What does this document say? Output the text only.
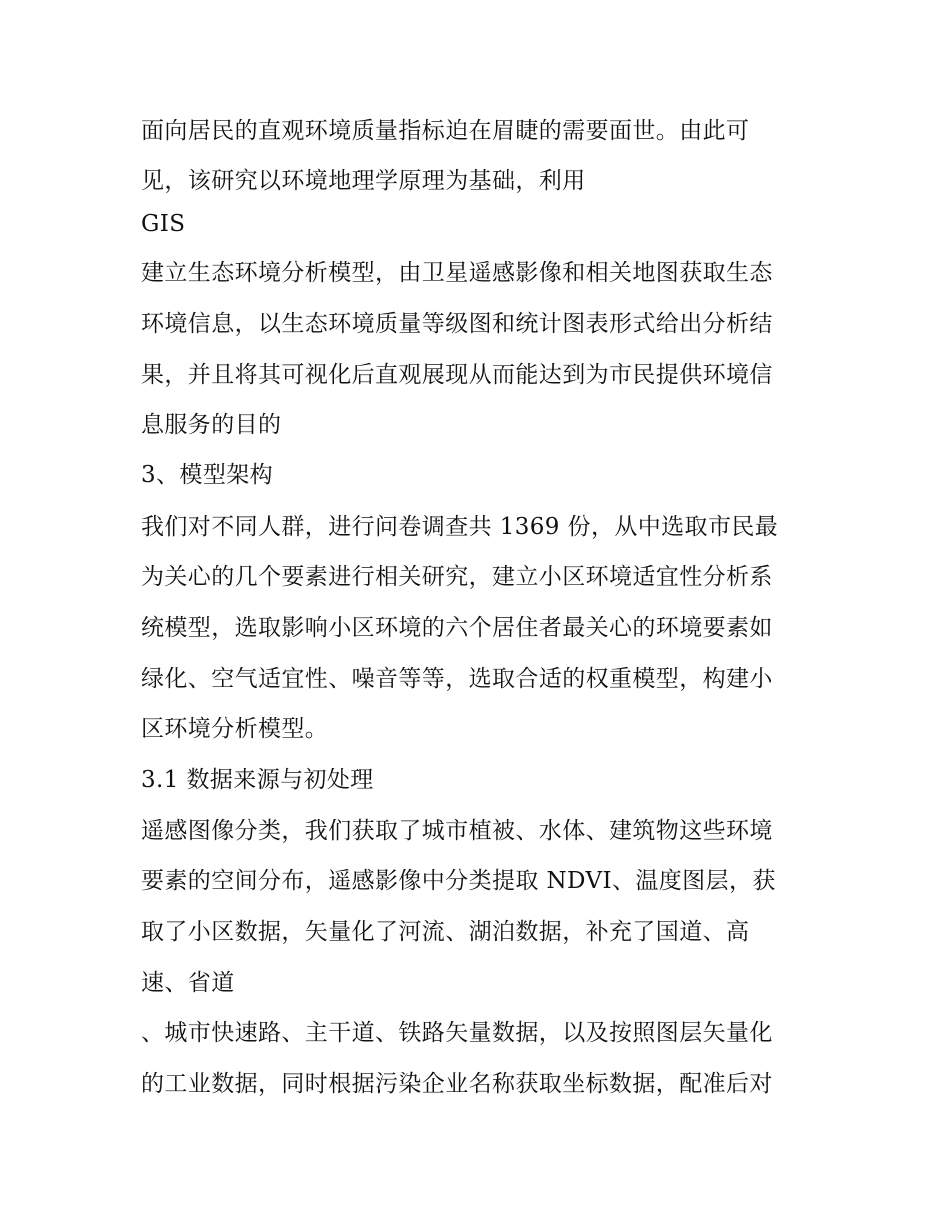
面向居民的直观环境质量指标迫在眉睫的需要面世。由此可
见，该研究以环境地理学原理为基础，利用
GIS
建立生态环境分析模型，由卫星遥感影像和相关地图获取生态
环境信息，以生态环境质量等级图和统计图表形式给出分析结
果，并且将其可视化后直观展现从而能达到为市民提供环境信
息服务的目的
3、模型架构
我们对不同人群，进行问卷调查共 1369 份，从中选取市民最
为关心的几个要素进行相关研究，建立小区环境适宜性分析系
统模型，选取影响小区环境的六个居住者最关心的环境要素如
绿化、空气适宜性、噪音等等，选取合适的权重模型，构建小
区环境分析模型。
3.1 数据来源与初处理
遥感图像分类，我们获取了城市植被、水体、建筑物这些环境
要素的空间分布，遥感影像中分类提取 NDVI、温度图层，获
取了小区数据，矢量化了河流、湖泊数据，补充了国道、高
速、省道
、城市快速路、主干道、铁路矢量数据，以及按照图层矢量化
的工业数据，同时根据污染企业名称获取坐标数据，配准后对
